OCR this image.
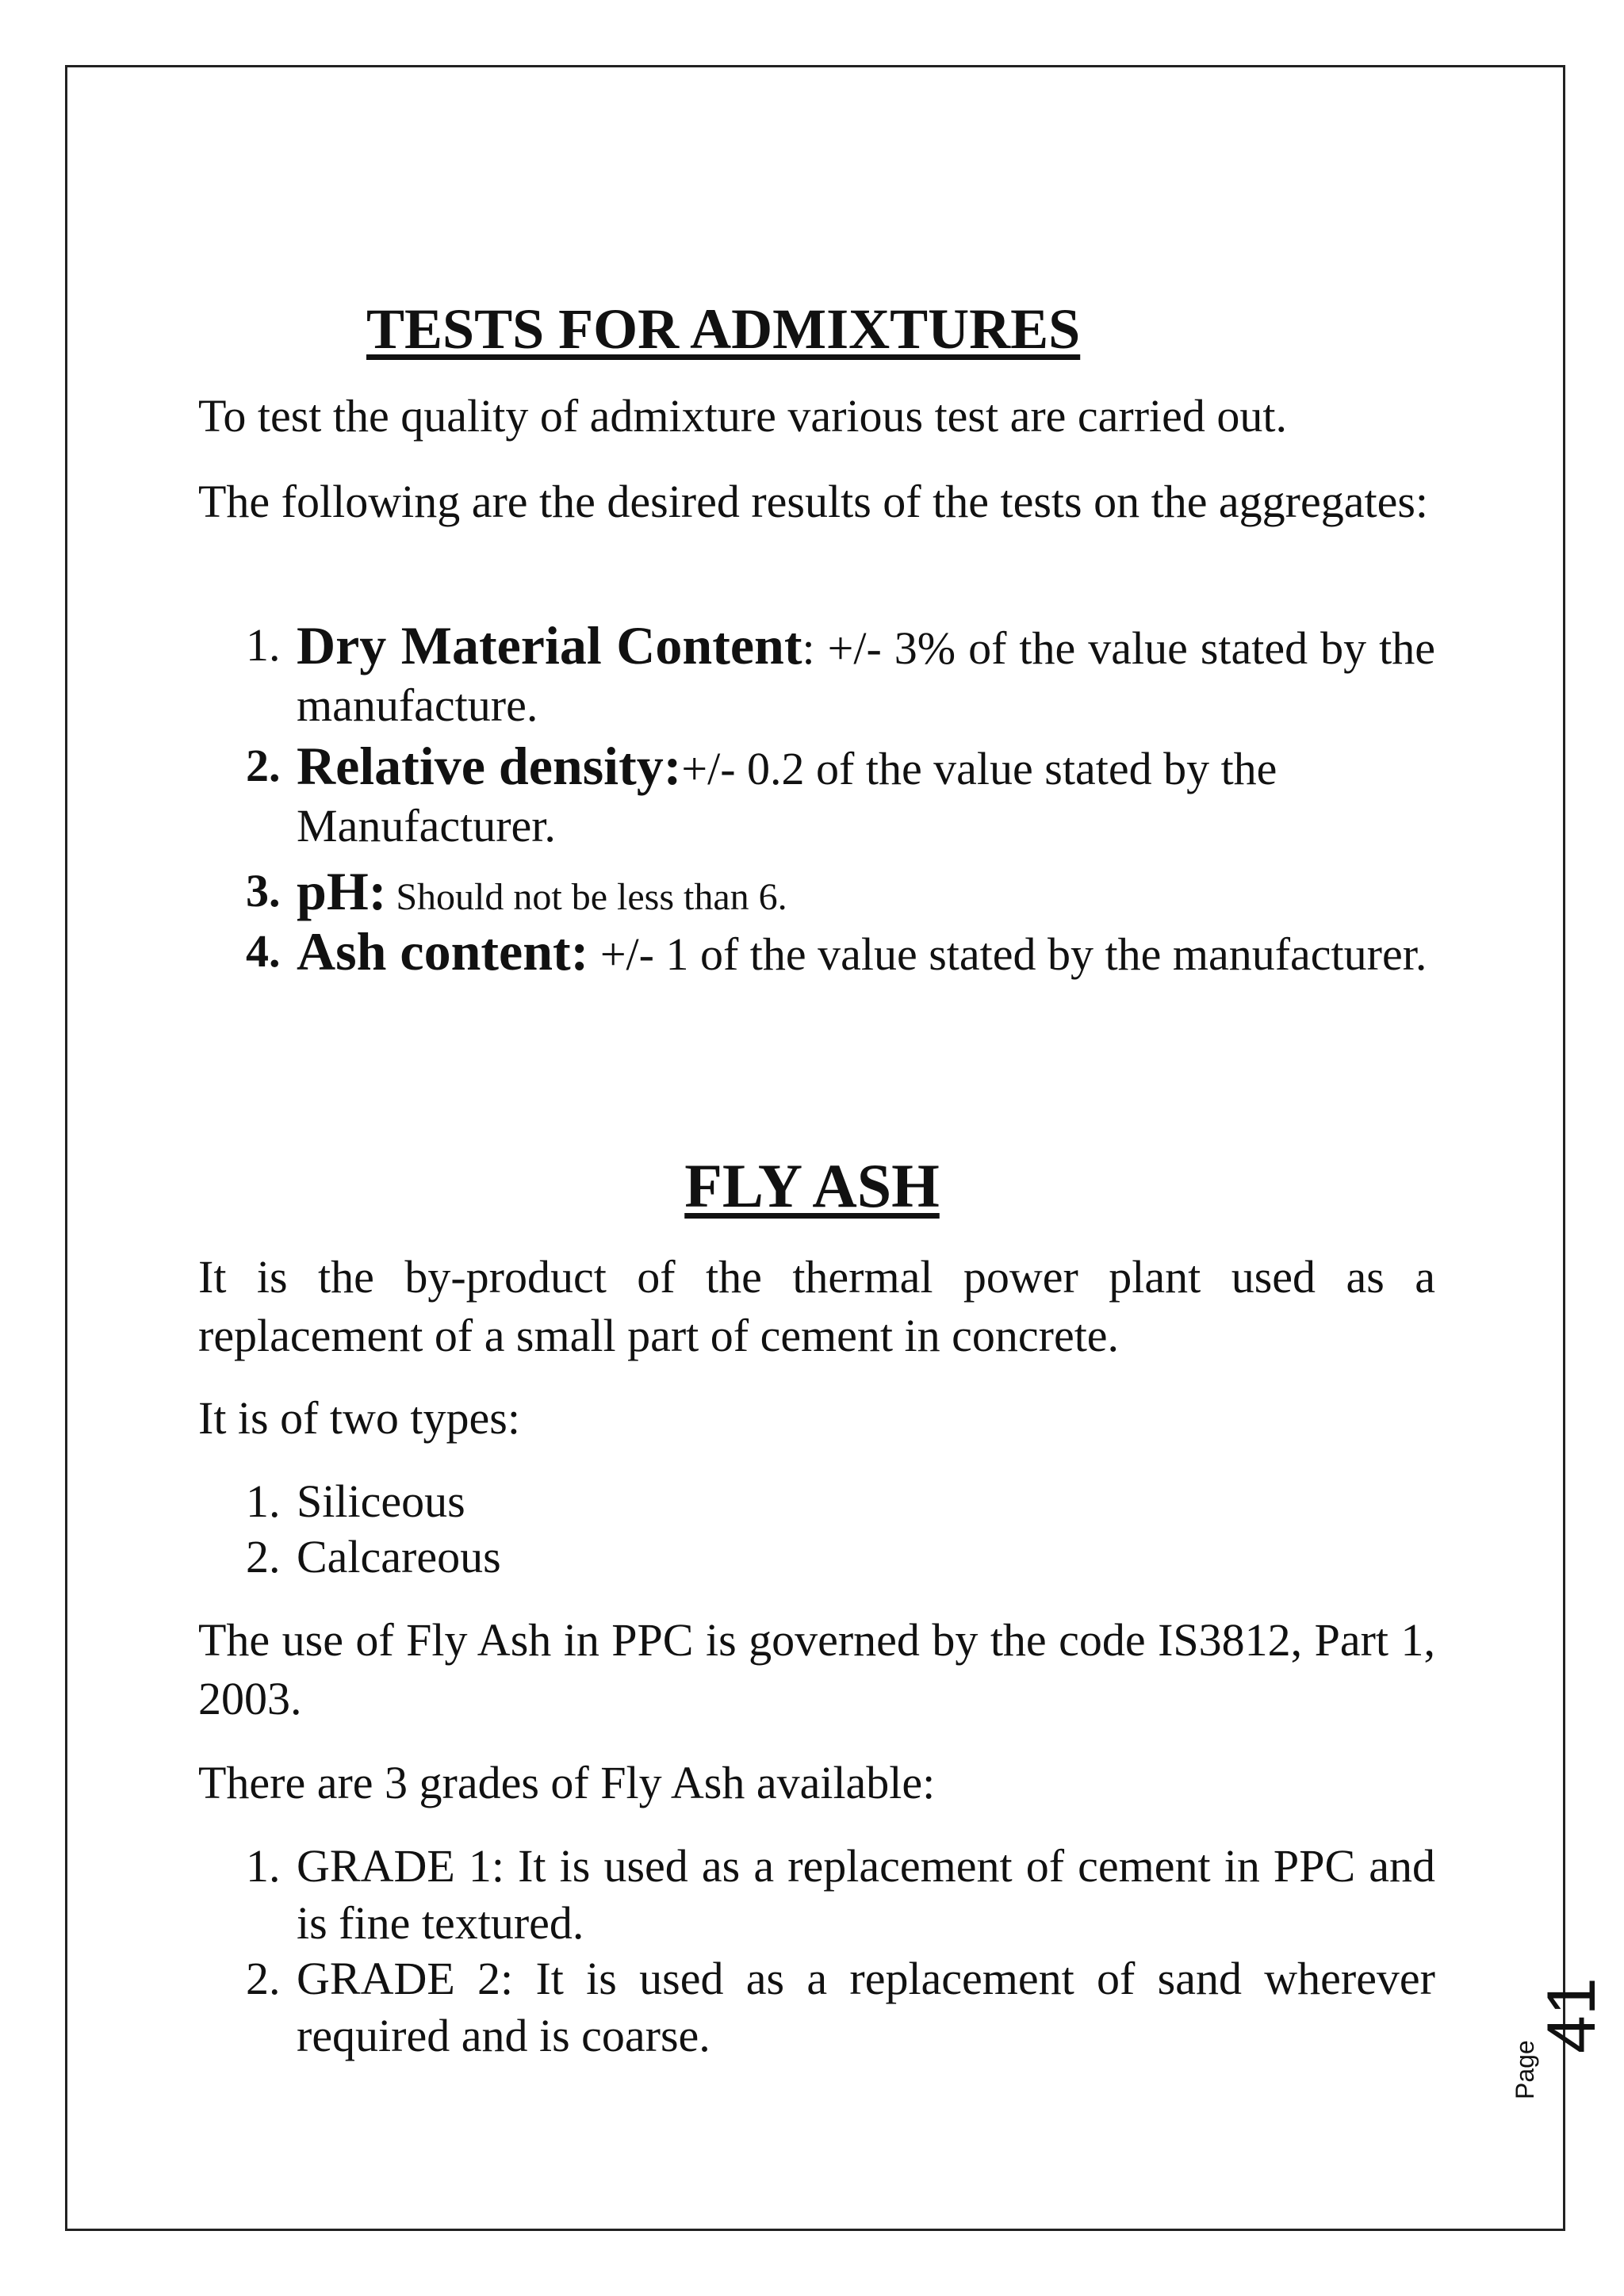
TESTS FOR ADMIXTURES
To test the quality of admixture various test are carried out.
The following are the desired results of the tests on the aggregates:
1. Dry Material Content: +/- 3% of the value stated by the manufacture.
2. Relative density:+/- 0.2 of the value stated by the Manufacturer.
3. pH: Should not be less than 6.
4. Ash content: +/- 1 of the value stated by the manufacturer.
FLY ASH
It is the by-product of the thermal power plant used as a replacement of a small part of cement in concrete.
It is of two types:
1. Siliceous
2. Calcareous
The use of Fly Ash in PPC is governed by the code IS3812, Part 1, 2003.
There are 3 grades of Fly Ash available:
1. GRADE 1: It is used as a replacement of cement in PPC and is fine textured.
2. GRADE 2: It is used as a replacement of sand wherever required and is coarse.
Page
41
